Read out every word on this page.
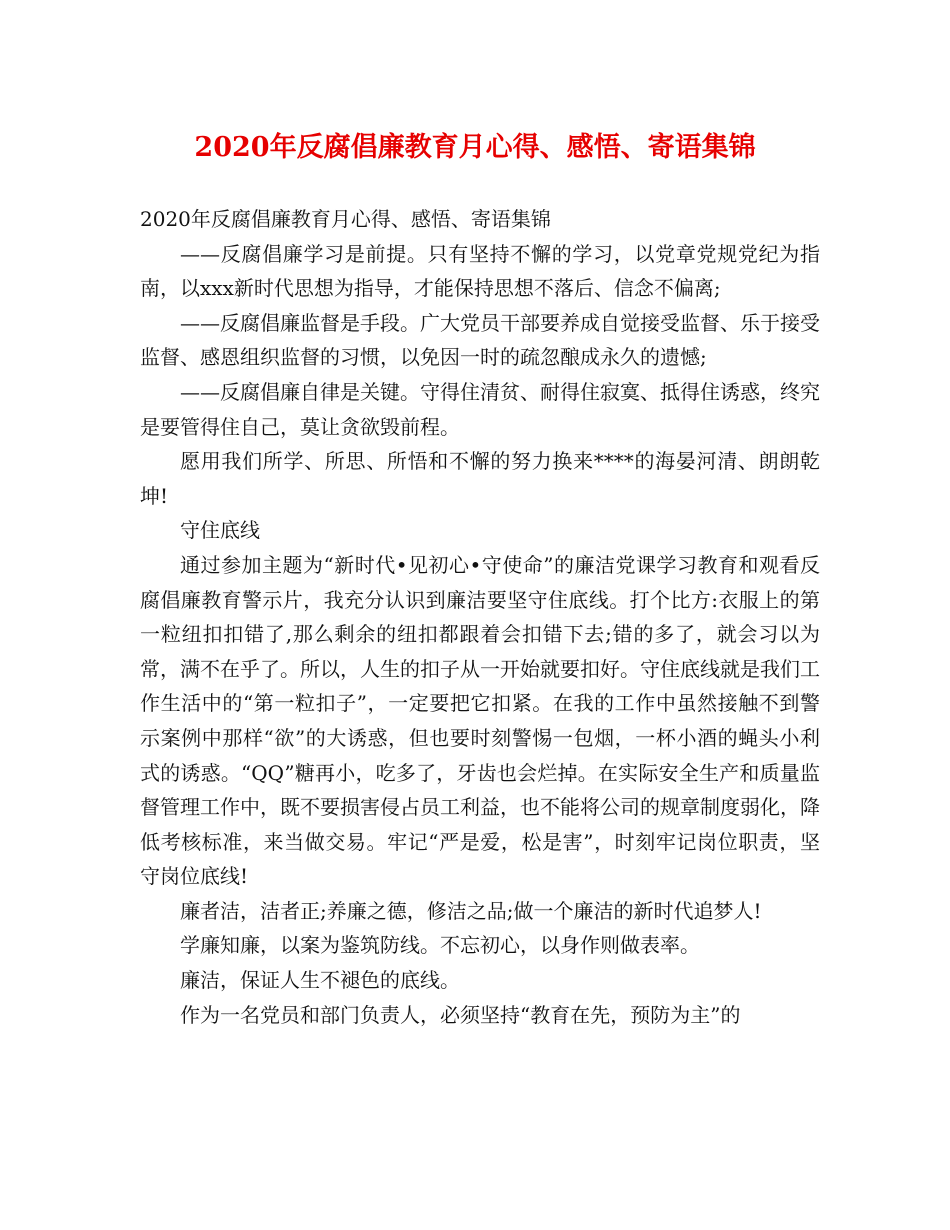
2020年反腐倡廉教育月心得、感悟、寄语集锦

2020年反腐倡廉教育月心得、感悟、寄语集锦

——反腐倡廉学习是前提。只有坚持不懈的学习，以党章党规党纪为指南，以xxx新时代思想为指导，才能保持思想不落后、信念不偏离;

——反腐倡廉监督是手段。广大党员干部要养成自觉接受监督、乐于接受监督、感恩组织监督的习惯，以免因一时的疏忽酿成永久的遗憾;

——反腐倡廉自律是关键。守得住清贫、耐得住寂寞、抵得住诱惑，终究是要管得住自己，莫让贪欲毁前程。

愿用我们所学、所思、所悟和不懈的努力换来****的海晏河清、朗朗乾坤!

守住底线

通过参加主题为“新时代•见初心•守使命”的廉洁党课学习教育和观看反腐倡廉教育警示片，我充分认识到廉洁要坚守住底线。打个比方:衣服上的第一粒纽扣扣错了,那么剩余的纽扣都跟着会扣错下去;错的多了，就会习以为常，满不在乎了。所以，人生的扣子从一开始就要扣好。守住底线就是我们工作生活中的“第一粒扣子”，一定要把它扣紧。在我的工作中虽然接触不到警示案例中那样“欲”的大诱惑，但也要时刻警惕一包烟，一杯小酒的蝇头小利式的诱惑。“QQ”糖再小，吃多了，牙齿也会烂掉。在实际安全生产和质量监督管理工作中，既不要损害侵占员工利益，也不能将公司的规章制度弱化，降低考核标准，来当做交易。牢记“严是爱，松是害”，时刻牢记岗位职责，坚守岗位底线!

廉者洁，洁者正;养廉之德，修洁之品;做一个廉洁的新时代追梦人!

学廉知廉，以案为鉴筑防线。不忘初心，以身作则做表率。

廉洁，保证人生不褪色的底线。

作为一名党员和部门负责人，必须坚持“教育在先，预防为主”的
